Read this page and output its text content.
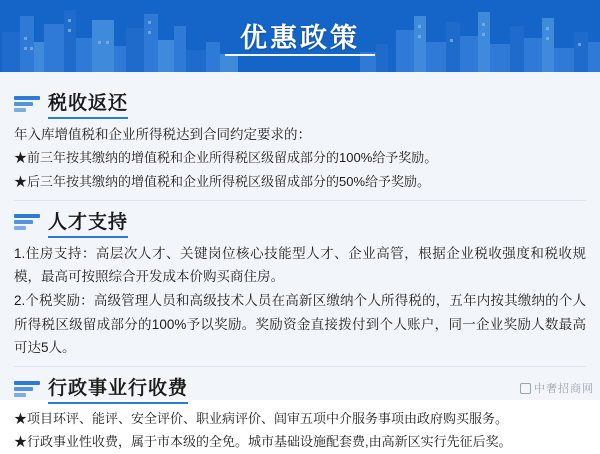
优惠政策
税收返还

年入库增值税和企业所得税达到合同约定要求的：

★前三年按其缴纳的增值税和企业所得税区级留成部分的100%给予奖励。

★后三年按其缴纳的增值税和企业所得税区级留成部分的50%给予奖励。

人才支持

1.住房支持：高层次人才、关键岗位核心技能型人才、企业高管，根据企业税收强度和税收规模，最高可按照综合开发成本价购买商住房。

2.个税奖励：高级管理人员和高级技术人员在高新区缴纳个人所得税的，五年内按其缴纳的个人所得税区级留成部分的100%予以奖励。奖励资金直接拨付到个人账户，同一企业奖励人数最高可达5人。

行政事业行收费

★项目环评、能评、安全评价、职业病评价、闾审五项中介服务事项由政府购买服务。

★行政事业性收费，属于市本级的全免。城市基础设施配套费,由高新区实行先征后奖。

中奢招商网
